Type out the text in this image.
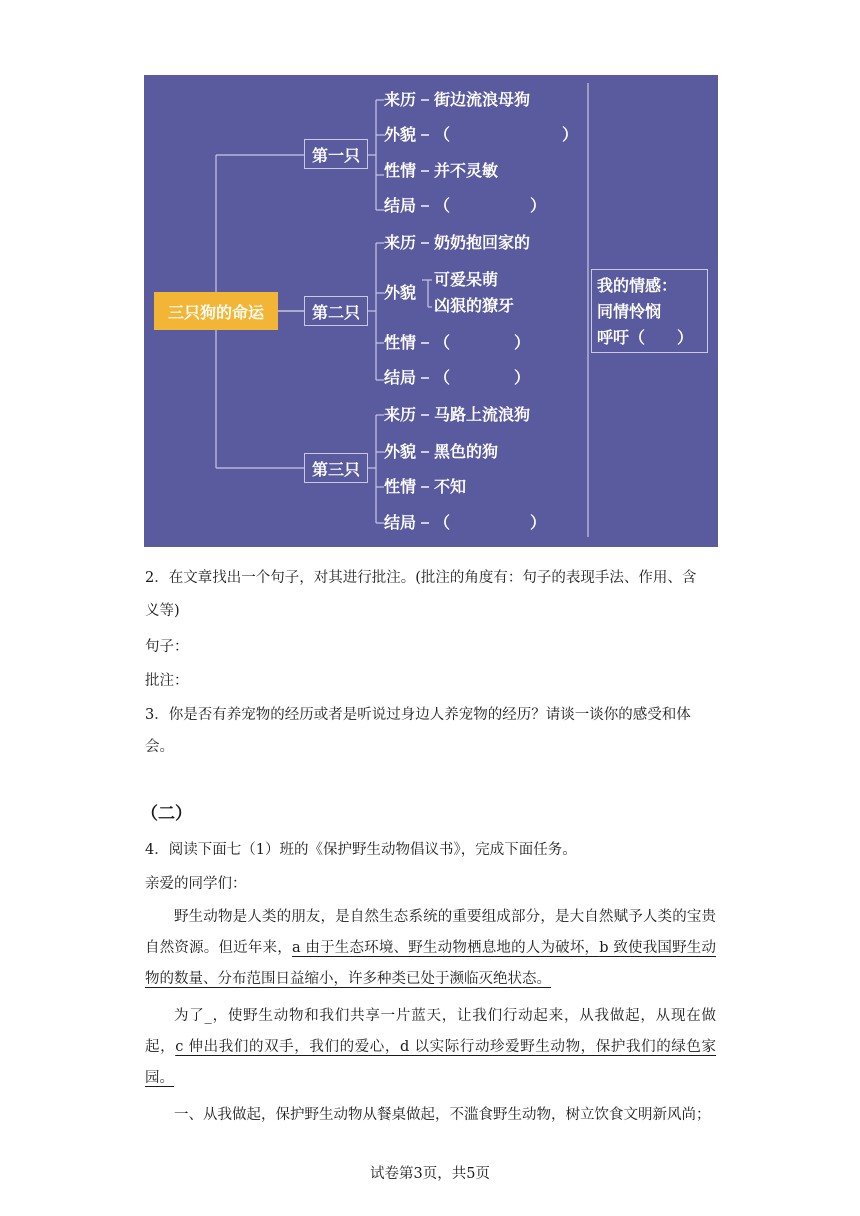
三只狗的命运
第一只
第二只
第三只
来历 街边流浪母狗
外貌 （　　　　　　　）
性情 并不灵敏
结局 （　　　　　）
来历 奶奶抱回家的
外貌
可爱呆萌
凶狠的獠牙
性情 （　　　　）
结局 （　　　　）
来历 马路上流浪狗
外貌 黑色的狗
性情 不知
结局 （　　　　　）
我的情感：
同情怜悯
呼吁（　　）
2．在文章找出一个句子，对其进行批注。(批注的角度有：句子的表现手法、作用、含
义等)
句子：
批注：
3．你是否有养宠物的经历或者是听说过身边人养宠物的经历？请谈一谈你的感受和体
会。
（二）
4．阅读下面七（1）班的《保护野生动物倡议书》，完成下面任务。
亲爱的同学们：
野生动物是人类的朋友，是自然生态系统的重要组成部分，是大自然赋予人类的宝贵自然资源。但近年来，a 由于生态环境、野生动物栖息地的人为破坏，b 致使我国野生动物的数量、分布范围日益缩小，许多种类已处于濒临灭绝状态。
为了_，使野生动物和我们共享一片蓝天，让我们行动起来，从我做起，从现在做起，c 伸出我们的双手，我们的爱心，d 以实际行动珍爱野生动物，保护我们的绿色家园。
一、从我做起，保护野生动物从餐桌做起，不滥食野生动物，树立饮食文明新风尚；
试卷第3页，共5页
